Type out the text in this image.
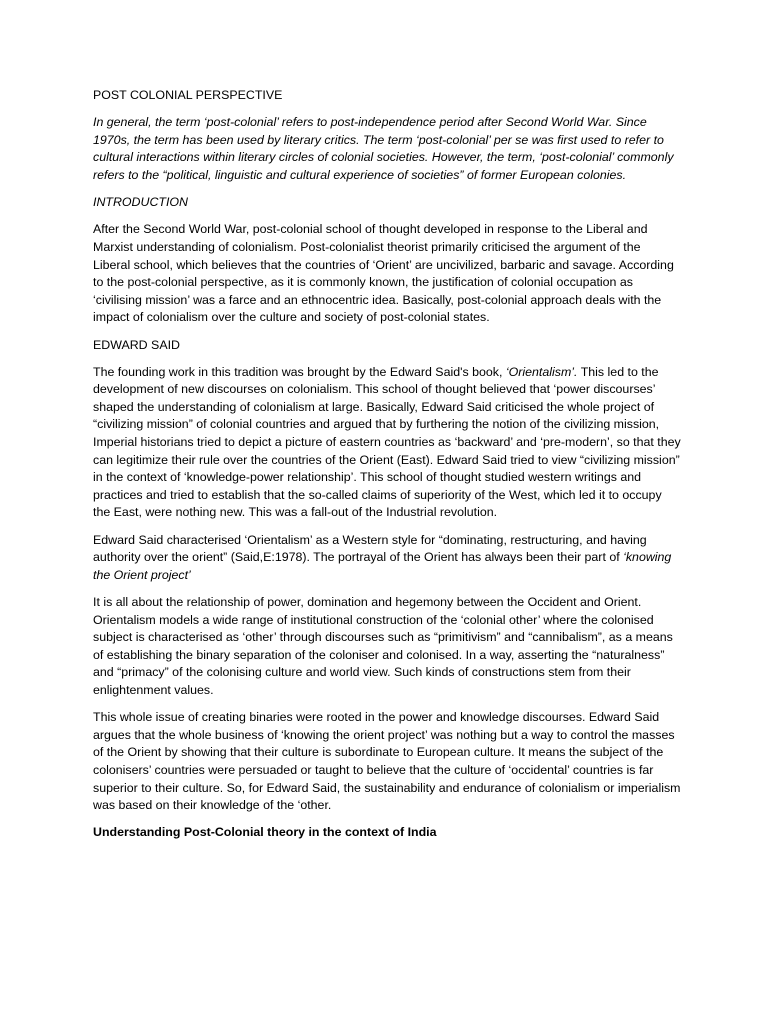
POST COLONIAL PERSPECTIVE

In general, the term ‘post-colonial’ refers to post-independence period after Second World War. Since 1970s, the term has been used by literary critics. The term ‘post-colonial’ per se was first used to refer to cultural interactions within literary circles of colonial societies. However, the term, ‘post-colonial’ commonly refers to the “political, linguistic and cultural experience of societies” of former European colonies.

INTRODUCTION

After the Second World War, post-colonial school of thought developed in response to the Liberal and Marxist understanding of colonialism. Post-colonialist theorist primarily criticised the argument of the Liberal school, which believes that the countries of ‘Orient’ are uncivilized, barbaric and savage. According to the post-colonial perspective, as it is commonly known, the justification of colonial occupation as ‘civilising mission’ was a farce and an ethnocentric idea. Basically, post-colonial approach deals with the impact of colonialism over the culture and society of post-colonial states.

EDWARD SAID

The founding work in this tradition was brought by the Edward Said's book, ‘Orientalism’. This led to the development of new discourses on colonialism. This school of thought believed that ‘power discourses’ shaped the understanding of colonialism at large. Basically, Edward Said criticised the whole project of “civilizing mission” of colonial countries and argued that by furthering the notion of the civilizing mission, Imperial historians tried to depict a picture of eastern countries as ‘backward’ and ‘pre-modern’, so that they can legitimize their rule over the countries of the Orient (East). Edward Said tried to view “civilizing mission” in the context of ‘knowledge-power relationship’. This school of thought studied western writings and practices and tried to establish that the so-called claims of superiority of the West, which led it to occupy the East, were nothing new. This was a fall-out of the Industrial revolution.

Edward Said characterised ‘Orientalism’ as a Western style for “dominating, restructuring, and having authority over the orient” (Said,E:1978). The portrayal of the Orient has always been their part of ‘knowing the Orient project’

It is all about the relationship of power, domination and hegemony between the Occident and Orient. Orientalism models a wide range of institutional construction of the ‘colonial other’ where the colonised subject is characterised as ‘other’ through discourses such as “primitivism” and “cannibalism”, as a means of establishing the binary separation of the coloniser and colonised. In a way, asserting the “naturalness” and “primacy” of the colonising culture and world view. Such kinds of constructions stem from their enlightenment values.

This whole issue of creating binaries were rooted in the power and knowledge discourses. Edward Said argues that the whole business of ‘knowing the orient project’ was nothing but a way to control the masses of the Orient by showing that their culture is subordinate to European culture. It means the subject of the colonisers’ countries were persuaded or taught to believe that the culture of ‘occidental’ countries is far superior to their culture. So, for Edward Said, the sustainability and endurance of colonialism or imperialism was based on their knowledge of the ‘other.

Understanding Post-Colonial theory in the context of India
